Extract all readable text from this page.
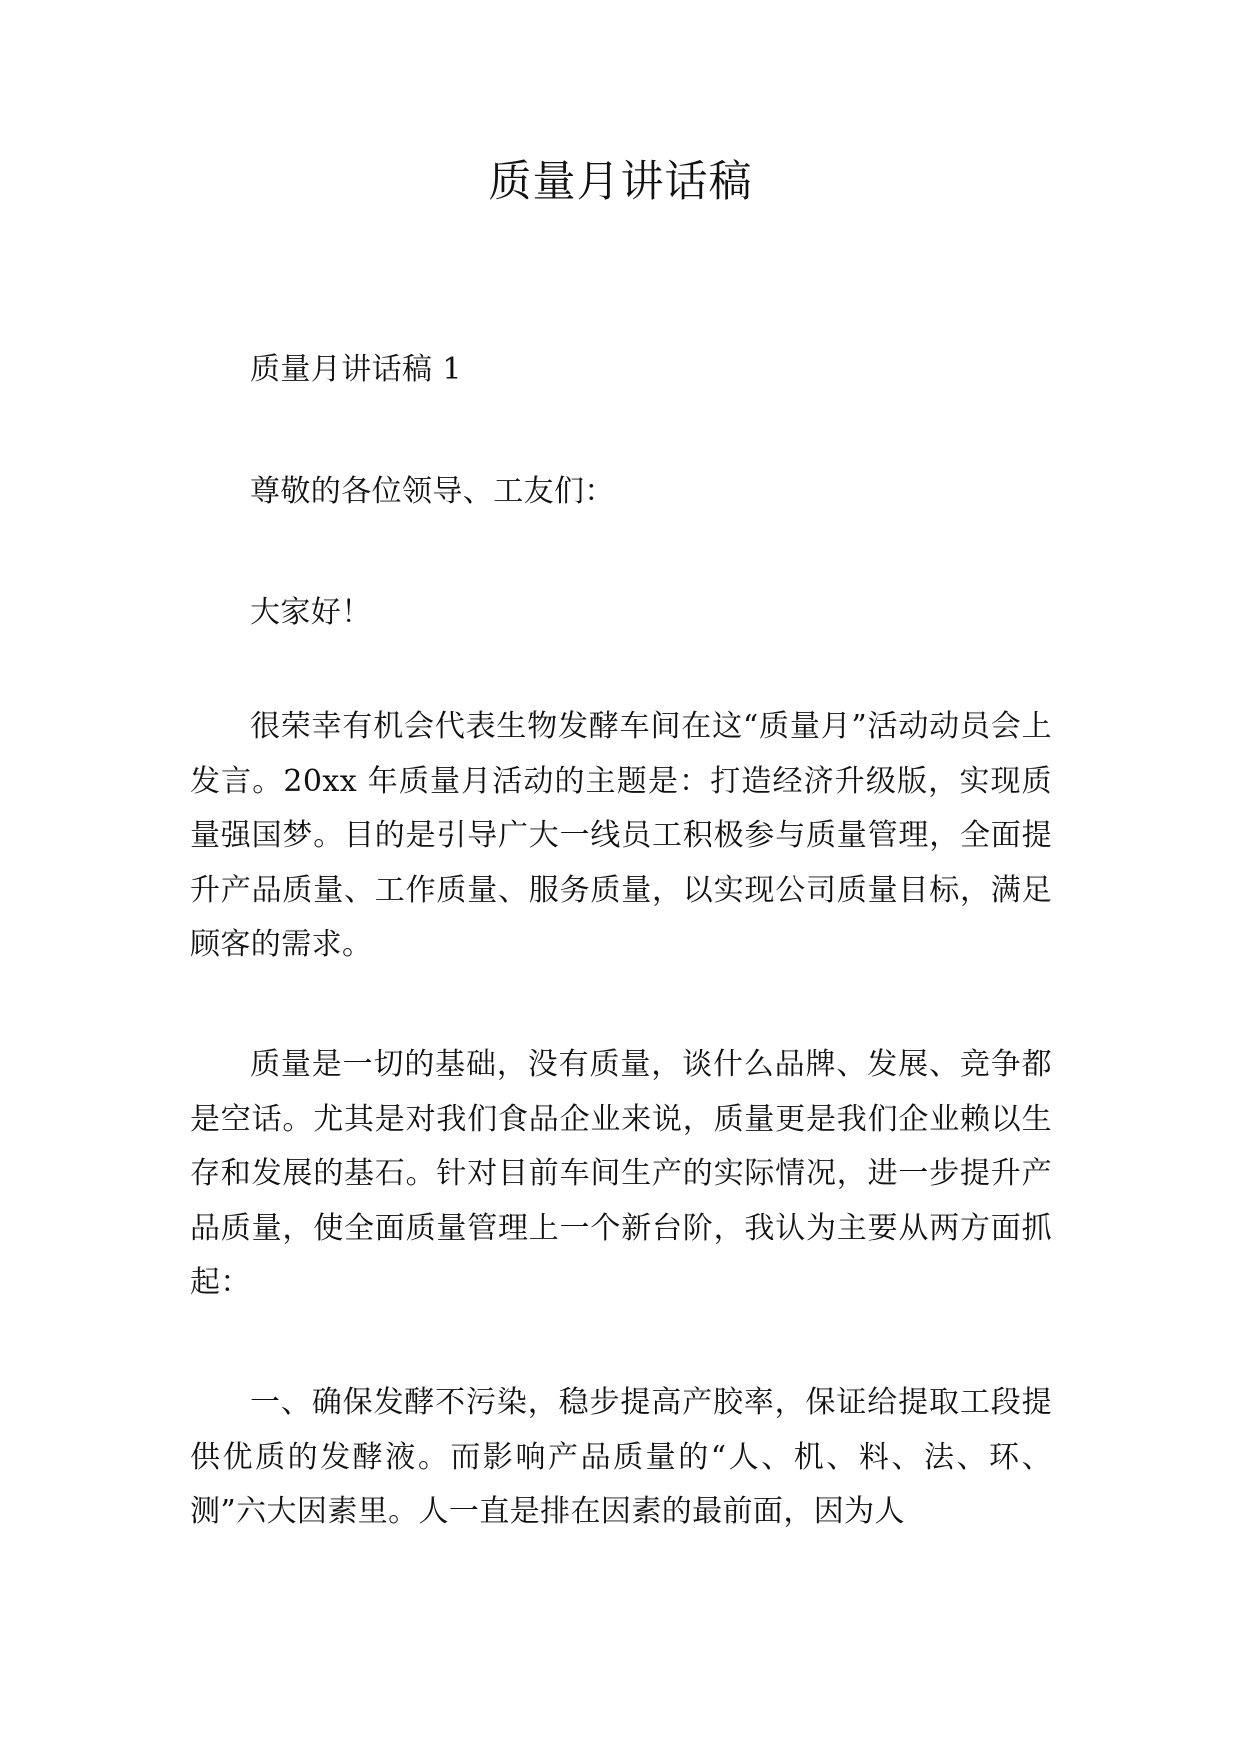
质量月讲话稿

质量月讲话稿 1

尊敬的各位领导、工友们：

大家好！

很荣幸有机会代表生物发酵车间在这“质量月”活动动员会上发言。20xx 年质量月活动的主题是：打造经济升级版，实现质量强国梦。目的是引导广大一线员工积极参与质量管理，全面提升产品质量、工作质量、服务质量，以实现公司质量目标，满足顾客的需求。

质量是一切的基础，没有质量，谈什么品牌、发展、竞争都是空话。尤其是对我们食品企业来说，质量更是我们企业赖以生存和发展的基石。针对目前车间生产的实际情况，进一步提升产品质量，使全面质量管理上一个新台阶，我认为主要从两方面抓起：

一、确保发酵不污染，稳步提高产胶率，保证给提取工段提供优质的发酵液。而影响产品质量的“人、机、料、法、环、测”六大因素里。人一直是排在因素的最前面，因为人
